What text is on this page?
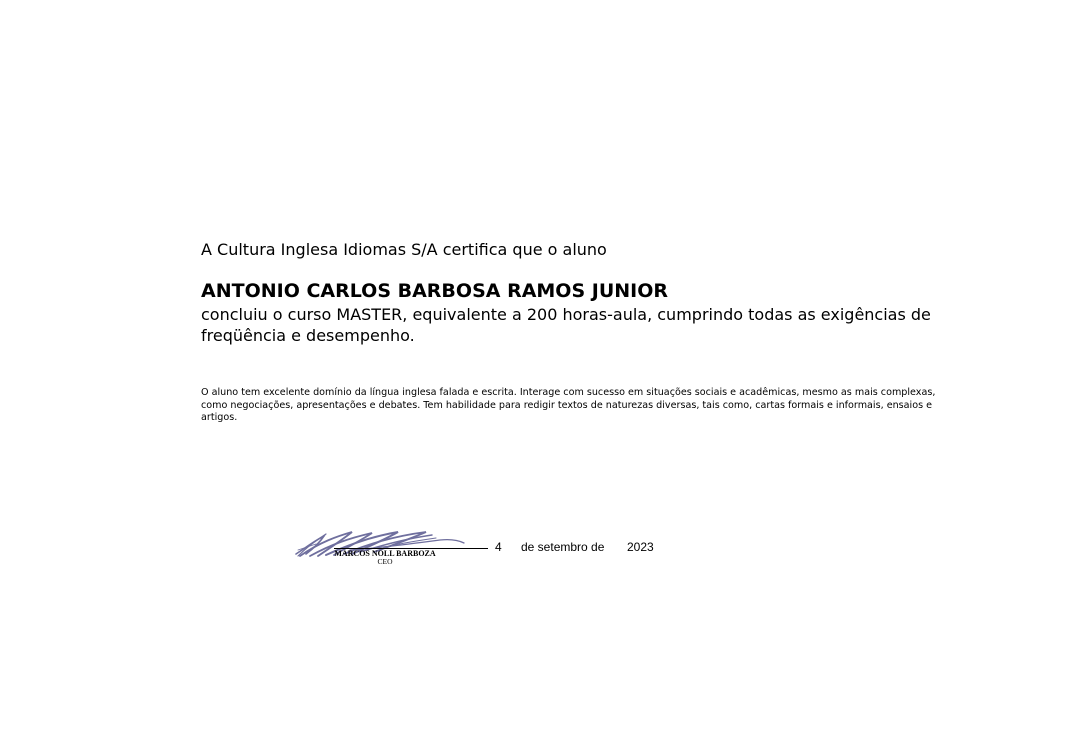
A Cultura Inglesa Idiomas S/A certifica que o aluno
ANTONIO CARLOS BARBOSA RAMOS JUNIOR
concluiu o curso MASTER, equivalente a 200 horas-aula, cumprindo todas as exigências de freqüência e desempenho.
O aluno tem excelente domínio da língua inglesa falada e escrita. Interage com sucesso em situações sociais e acadêmicas, mesmo as mais complexas, como negociações, apresentações e debates. Tem habilidade para redigir textos de naturezas diversas, tais como, cartas formais e informais, ensaios e artigos.
MARCOS NOLL BARBOZA
CEO
4 de setembro de 2023
